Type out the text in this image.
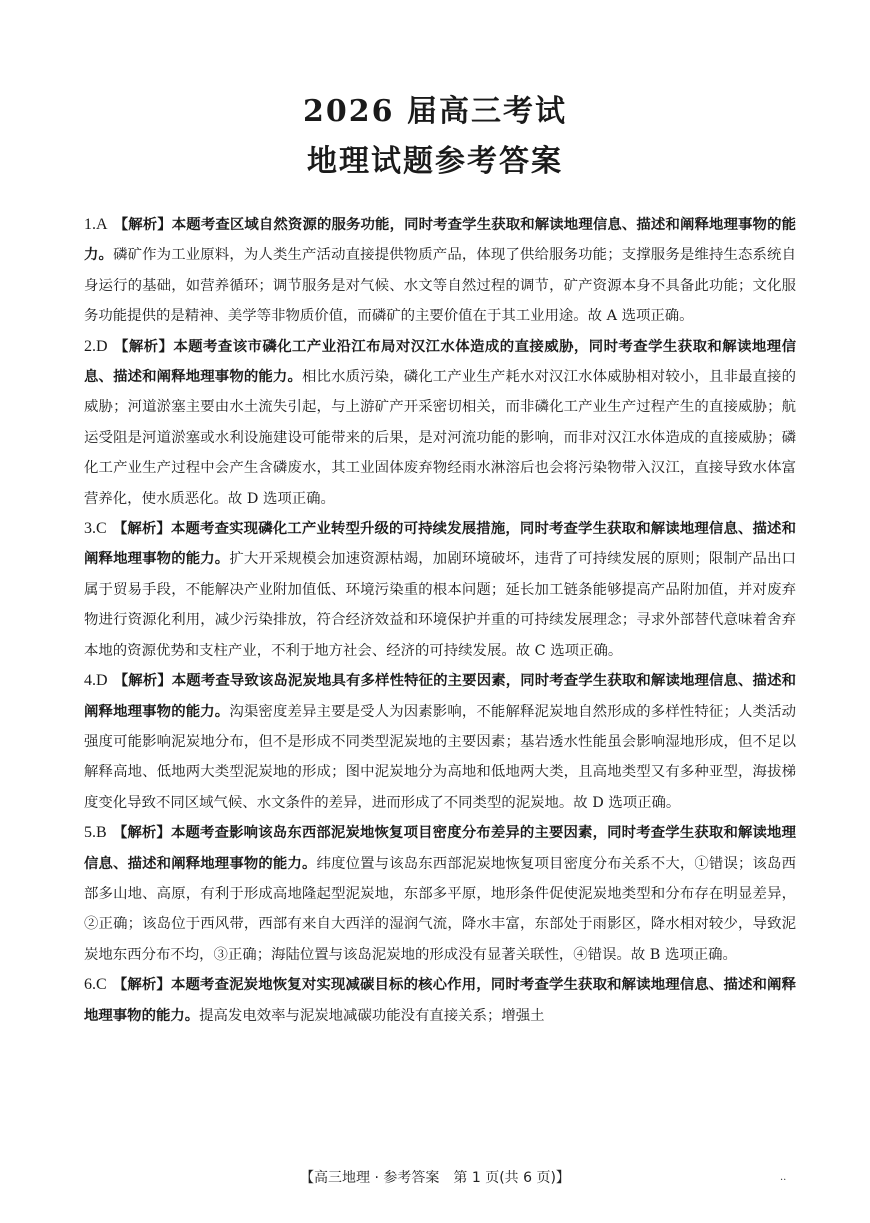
2026 届高三考试
地理试题参考答案

1.A 【解析】本题考查区域自然资源的服务功能，同时考查学生获取和解读地理信息、描述和阐释地理事物的能力。磷矿作为工业原料，为人类生产活动直接提供物质产品，体现了供给服务功能；支撑服务是维持生态系统自身运行的基础，如营养循环；调节服务是对气候、水文等自然过程的调节，矿产资源本身不具备此功能；文化服务功能提供的是精神、美学等非物质价值，而磷矿的主要价值在于其工业用途。故 A 选项正确。

2.D 【解析】本题考查该市磷化工产业沿江布局对汉江水体造成的直接威胁，同时考查学生获取和解读地理信息、描述和阐释地理事物的能力。相比水质污染，磷化工产业生产耗水对汉江水体威胁相对较小，且非最直接的威胁；河道淤塞主要由水土流失引起，与上游矿产开采密切相关，而非磷化工产业生产过程产生的直接威胁；航运受阻是河道淤塞或水利设施建设可能带来的后果，是对河流功能的影响，而非对汉江水体造成的直接威胁；磷化工产业生产过程中会产生含磷废水，其工业固体废弃物经雨水淋溶后也会将污染物带入汉江，直接导致水体富营养化，使水质恶化。故 D 选项正确。

3.C 【解析】本题考查实现磷化工产业转型升级的可持续发展措施，同时考查学生获取和解读地理信息、描述和阐释地理事物的能力。扩大开采规模会加速资源枯竭，加剧环境破坏，违背了可持续发展的原则；限制产品出口属于贸易手段，不能解决产业附加值低、环境污染重的根本问题；延长加工链条能够提高产品附加值，并对废弃物进行资源化利用，减少污染排放，符合经济效益和环境保护并重的可持续发展理念；寻求外部替代意味着舍弃本地的资源优势和支柱产业，不利于地方社会、经济的可持续发展。故 C 选项正确。

4.D 【解析】本题考查导致该岛泥炭地具有多样性特征的主要因素，同时考查学生获取和解读地理信息、描述和阐释地理事物的能力。沟渠密度差异主要是受人为因素影响，不能解释泥炭地自然形成的多样性特征；人类活动强度可能影响泥炭地分布，但不是形成不同类型泥炭地的主要因素；基岩透水性能虽会影响湿地形成，但不足以解释高地、低地两大类型泥炭地的形成；图中泥炭地分为高地和低地两大类，且高地类型又有多种亚型，海拔梯度变化导致不同区域气候、水文条件的差异，进而形成了不同类型的泥炭地。故 D 选项正确。

5.B 【解析】本题考查影响该岛东西部泥炭地恢复项目密度分布差异的主要因素，同时考查学生获取和解读地理信息、描述和阐释地理事物的能力。纬度位置与该岛东西部泥炭地恢复项目密度分布关系不大，①错误；该岛西部多山地、高原，有利于形成高地隆起型泥炭地，东部多平原，地形条件促使泥炭地类型和分布存在明显差异，②正确；该岛位于西风带，西部有来自大西洋的湿润气流，降水丰富，东部处于雨影区，降水相对较少，导致泥炭地东西分布不均，③正确；海陆位置与该岛泥炭地的形成没有显著关联性，④错误。故 B 选项正确。

6.C 【解析】本题考查泥炭地恢复对实现减碳目标的核心作用，同时考查学生获取和解读地理信息、描述和阐释地理事物的能力。提高发电效率与泥炭地减碳功能没有直接关系；增强土

【高三地理 · 参考答案　第 1 页(共 6 页)】	..
